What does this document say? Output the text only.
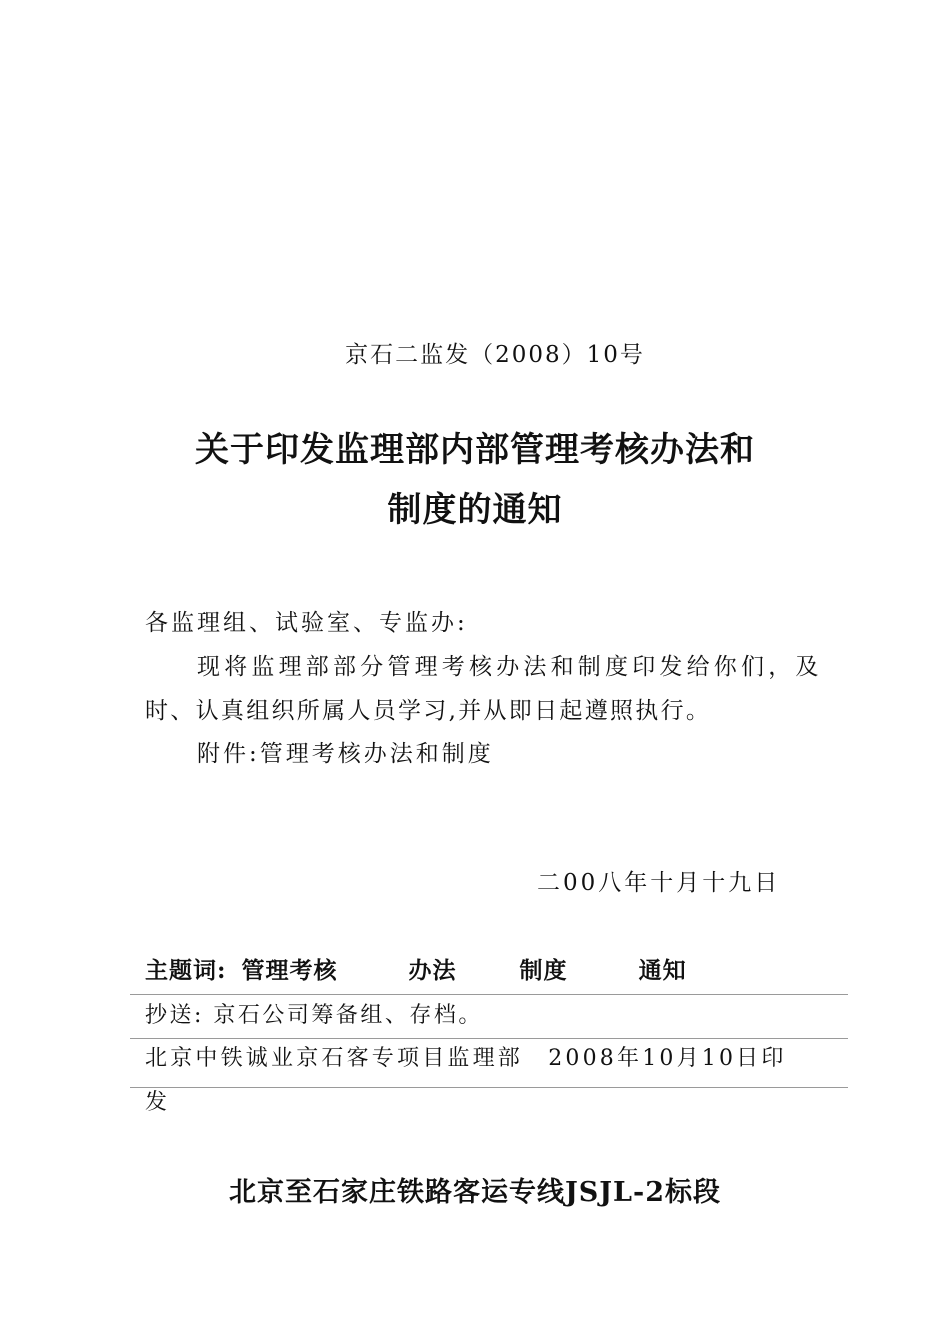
京石二监发（2008）10号
关于印发监理部内部管理考核办法和
制度的通知
各监理组、试验室、专监办:
现将监理部部分管理考核办法和制度印发给你们，及
时、认真组织所属人员学习,并从即日起遵照执行。
附件:管理考核办法和制度
二00八年十月十九日
主题词: 管理考核	办法	制度	通知
抄送: 京石公司筹备组、存档。
北京中铁诚业京石客专项目监理部　2008年10月10日印
发
北京至石家庄铁路客运专线JSJL-2标段
